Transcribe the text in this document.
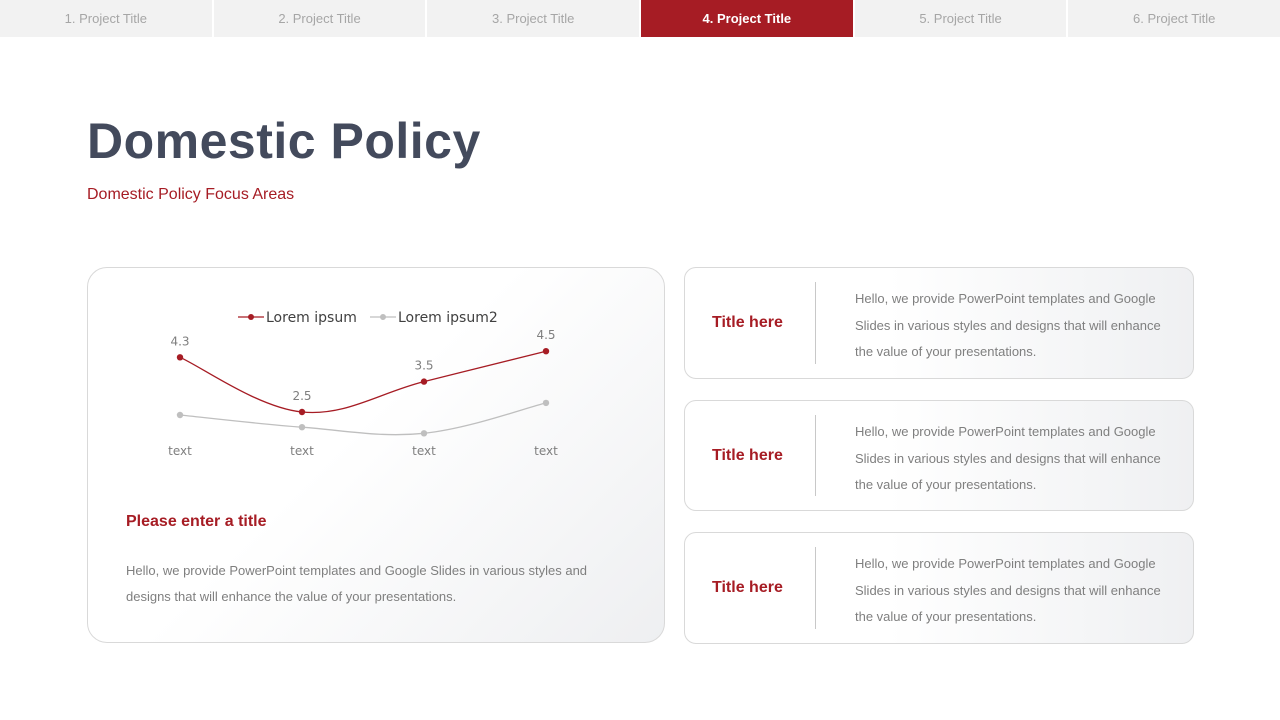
1. Project Title	2. Project Title	3. Project Title	4. Project Title	5. Project Title	6. Project Title
Domestic Policy

Domestic Policy Focus Areas

4.3
2.5
3.5
4.5
text	text	text	text
Lorem ipsum	Lorem ipsum2
Please enter a title

Hello, we provide PowerPoint templates and Google Slides in various styles and designs that will enhance the value of your presentations.

Title here

Hello, we provide PowerPoint templates and Google Slides in various styles and designs that will enhance the value of your presentations.

Title here

Hello, we provide PowerPoint templates and Google Slides in various styles and designs that will enhance the value of your presentations.

Title here

Hello, we provide PowerPoint templates and Google Slides in various styles and designs that will enhance the value of your presentations.
